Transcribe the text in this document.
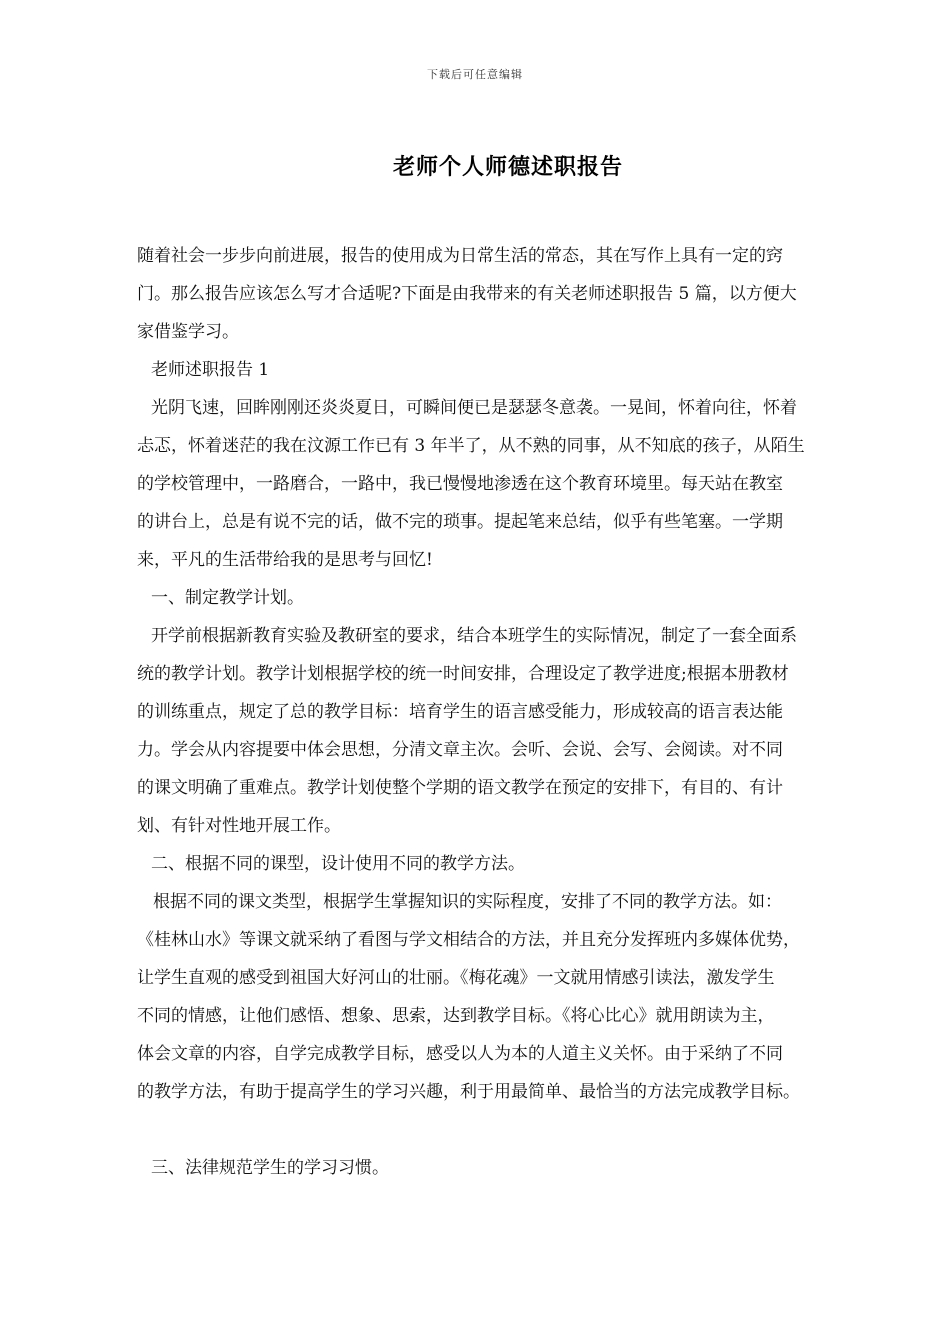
下载后可任意编辑
老师个人师德述职报告
随着社会一步步向前进展，报告的使用成为日常生活的常态，其在写作上具有一定的窍
门。那么报告应该怎么写才合适呢?下面是由我带来的有关老师述职报告 5 篇，以方便大
家借鉴学习。
老师述职报告 1
光阴飞速，回眸刚刚还炎炎夏日，可瞬间便已是瑟瑟冬意袭。一晃间，怀着向往，怀着
忐忑，怀着迷茫的我在汶源工作已有 3 年半了，从不熟的同事，从不知底的孩子，从陌生
的学校管理中，一路磨合，一路中，我已慢慢地渗透在这个教育环境里。每天站在教室
的讲台上，总是有说不完的话，做不完的琐事。提起笔来总结，似乎有些笔塞。一学期
来，平凡的生活带给我的是思考与回忆!
一、制定教学计划。
开学前根据新教育实验及教研室的要求，结合本班学生的实际情况，制定了一套全面系
统的教学计划。教学计划根据学校的统一时间安排，合理设定了教学进度;根据本册教材
的训练重点，规定了总的教学目标：培育学生的语言感受能力，形成较高的语言表达能
力。学会从内容提要中体会思想，分清文章主次。会听、会说、会写、会阅读。对不同
的课文明确了重难点。教学计划使整个学期的语文教学在预定的安排下，有目的、有计
划、有针对性地开展工作。
二、根据不同的课型，设计使用不同的教学方法。
根据不同的课文类型，根据学生掌握知识的实际程度，安排了不同的教学方法。如：
《桂林山水》等课文就采纳了看图与学文相结合的方法，并且充分发挥班内多媒体优势，
让学生直观的感受到祖国大好河山的壮丽。《梅花魂》一文就用情感引读法，激发学生
不同的情感，让他们感悟、想象、思索，达到教学目标。《将心比心》就用朗读为主，
体会文章的内容，自学完成教学目标，感受以人为本的人道主义关怀。由于采纳了不同
的教学方法，有助于提高学生的学习兴趣，利于用最简单、最恰当的方法完成教学目标。
三、法律规范学生的学习习惯。
